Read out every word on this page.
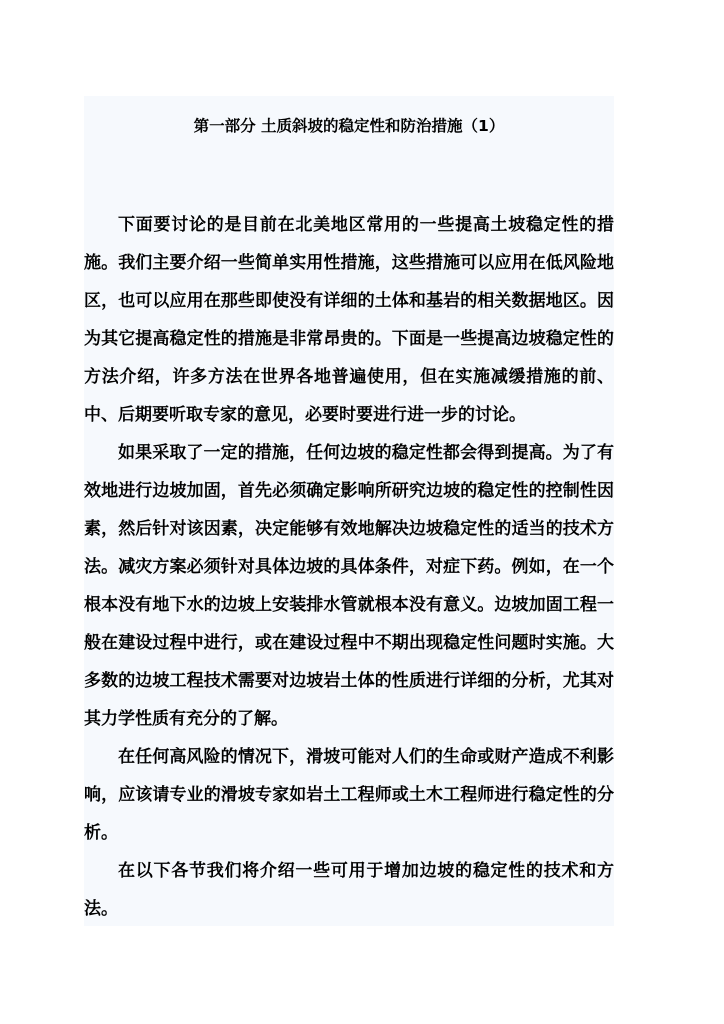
第一部分 土质斜坡的稳定性和防治措施（1）

下面要讨论的是目前在北美地区常用的一些提高土坡稳定性的措施。我们主要介绍一些简单实用性措施，这些措施可以应用在低风险地区，也可以应用在那些即使没有详细的土体和基岩的相关数据地区。因为其它提高稳定性的措施是非常昂贵的。下面是一些提高边坡稳定性的方法介绍，许多方法在世界各地普遍使用，但在实施减缓措施的前、中、后期要听取专家的意见，必要时要进行进一步的讨论。

如果采取了一定的措施，任何边坡的稳定性都会得到提高。为了有效地进行边坡加固，首先必须确定影响所研究边坡的稳定性的控制性因素，然后针对该因素，决定能够有效地解决边坡稳定性的适当的技术方法。减灾方案必须针对具体边坡的具体条件，对症下药。例如，在一个根本没有地下水的边坡上安装排水管就根本没有意义。边坡加固工程一般在建设过程中进行，或在建设过程中不期出现稳定性问题时实施。大多数的边坡工程技术需要对边坡岩土体的性质进行详细的分析，尤其对其力学性质有充分的了解。

在任何高风险的情况下，滑坡可能对人们的生命或财产造成不利影响，应该请专业的滑坡专家如岩土工程师或土木工程师进行稳定性的分析。

在以下各节我们将介绍一些可用于增加边坡的稳定性的技术和方法。
